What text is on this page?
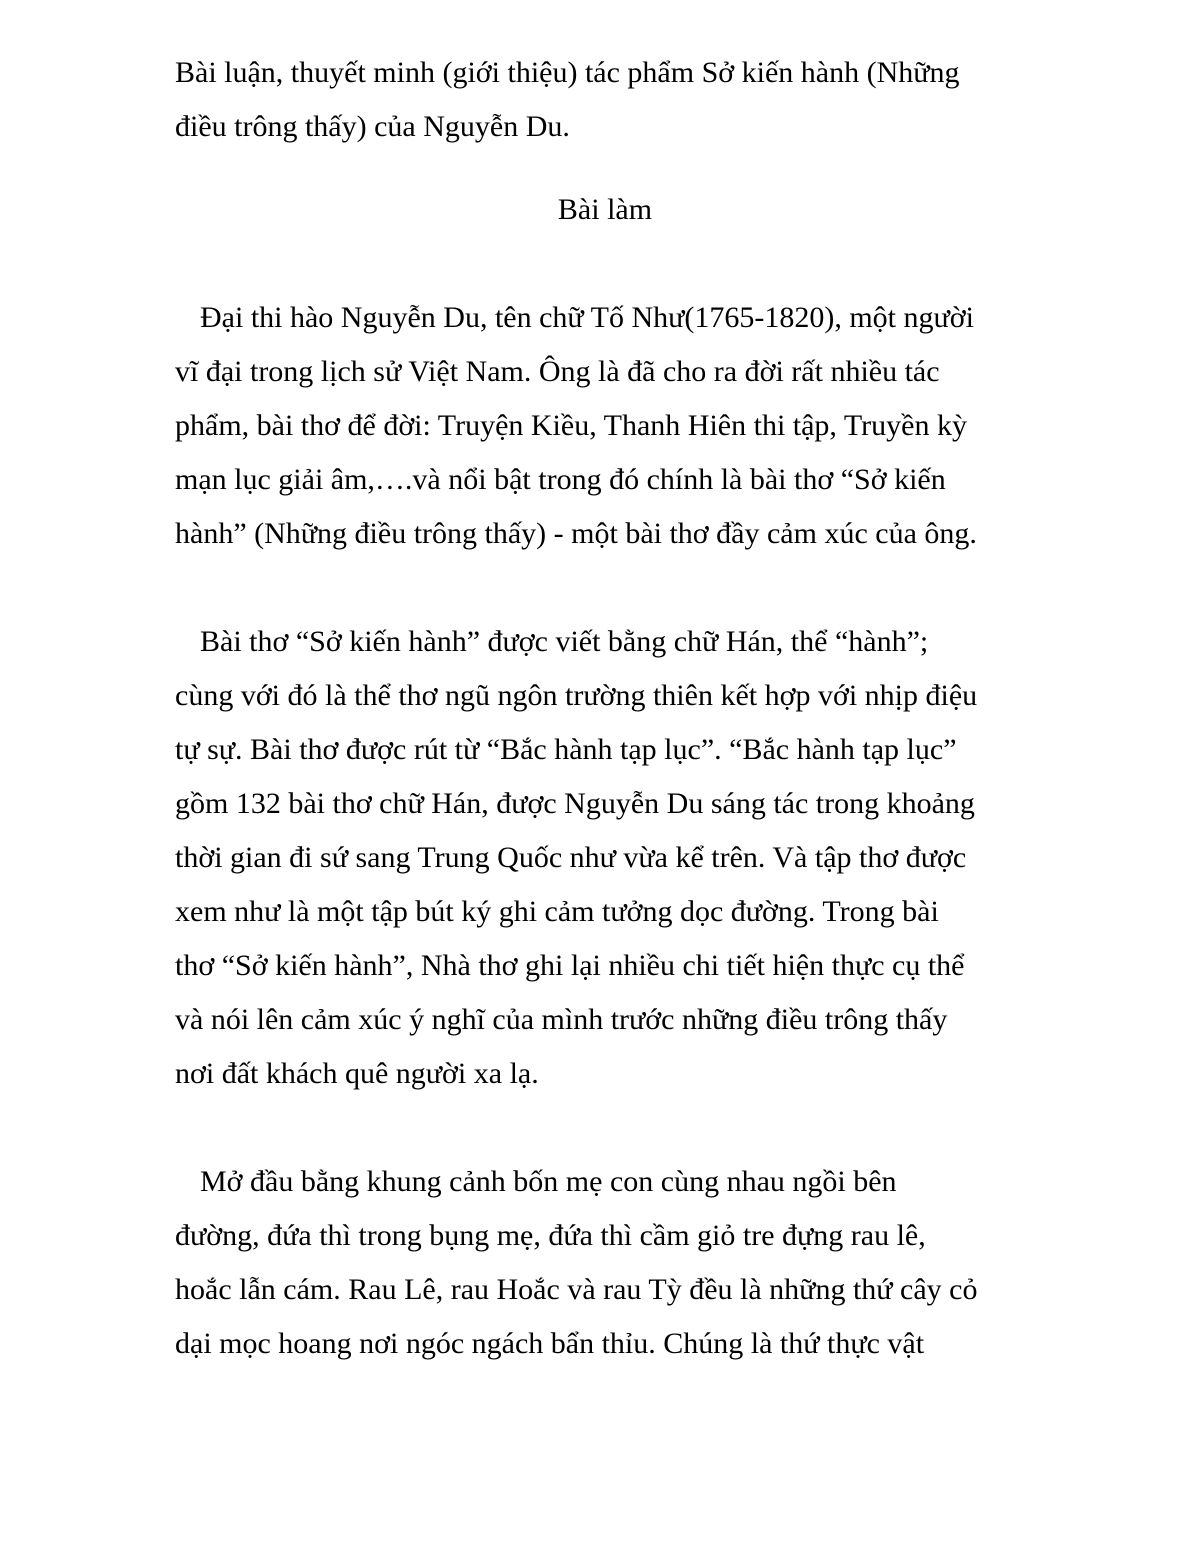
Bài luận, thuyết minh (giới thiệu) tác phẩm Sở kiến hành (Những
điều trông thấy) của Nguyễn Du.
Bài làm
Đại thi hào Nguyễn Du, tên chữ Tố Như(1765-1820), một người
vĩ đại trong lịch sử Việt Nam. Ông là đã cho ra đời rất nhiều tác
phẩm, bài thơ để đời: Truyện Kiều, Thanh Hiên thi tập, Truyền kỳ
mạn lục giải âm,….và nổi bật trong đó chính là bài thơ “Sở kiến
hành” (Những điều trông thấy) - một bài thơ đầy cảm xúc của ông.
Bài thơ “Sở kiến hành” được viết bằng chữ Hán, thể “hành”;
cùng với đó là thể thơ ngũ ngôn trường thiên kết hợp với nhịp điệu
tự sự. Bài thơ được rút từ “Bắc hành tạp lục”. “Bắc hành tạp lục”
gồm 132 bài thơ chữ Hán, được Nguyễn Du sáng tác trong khoảng
thời gian đi sứ sang Trung Quốc như vừa kể trên. Và tập thơ được
xem như là một tập bút ký ghi cảm tưởng dọc đường. Trong bài
thơ “Sở kiến hành”, Nhà thơ ghi lại nhiều chi tiết hiện thực cụ thể
và nói lên cảm xúc ý nghĩ của mình trước những điều trông thấy
nơi đất khách quê người xa lạ.
Mở đầu bằng khung cảnh bốn mẹ con cùng nhau ngồi bên
đường, đứa thì trong bụng mẹ, đứa thì cầm giỏ tre đựng rau lê,
hoắc lẫn cám. Rau Lê, rau Hoắc và rau Tỳ đều là những thứ cây cỏ
dại mọc hoang nơi ngóc ngách bẩn thỉu. Chúng là thứ thực vật
